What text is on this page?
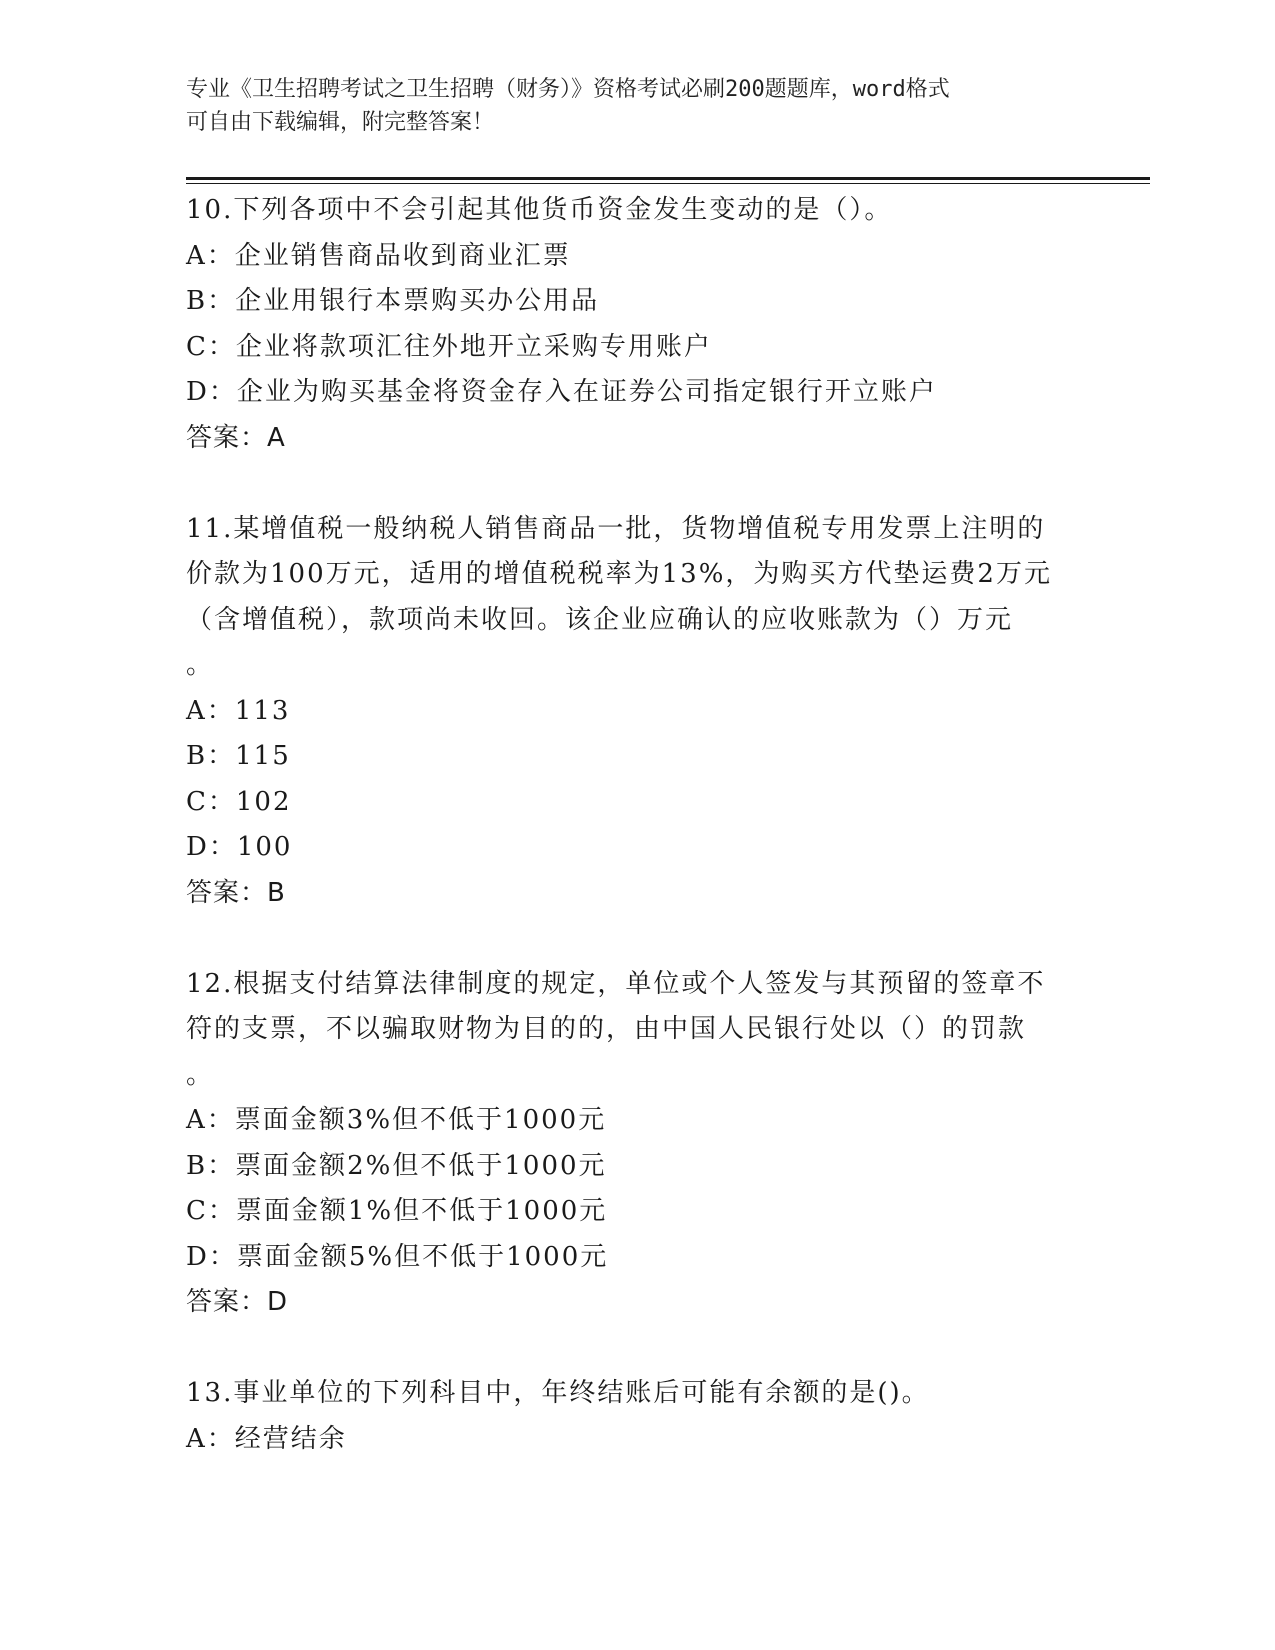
专业《卫生招聘考试之卫生招聘（财务）》资格考试必刷200题题库，word格式
可自由下载编辑，附完整答案！
10.下列各项中不会引起其他货币资金发生变动的是（）。
A：企业销售商品收到商业汇票
B：企业用银行本票购买办公用品
C：企业将款项汇往外地开立采购专用账户
D：企业为购买基金将资金存入在证券公司指定银行开立账户
答案：A
11.某增值税一般纳税人销售商品一批，货物增值税专用发票上注明的
价款为100万元，适用的增值税税率为13%，为购买方代垫运费2万元
（含增值税），款项尚未收回。该企业应确认的应收账款为（）万元
。
A：113
B：115
C：102
D：100
答案：B
12.根据支付结算法律制度的规定，单位或个人签发与其预留的签章不
符的支票，不以骗取财物为目的的，由中国人民银行处以（）的罚款
。
A：票面金额3%但不低于1000元
B：票面金额2%但不低于1000元
C：票面金额1%但不低于1000元
D：票面金额5%但不低于1000元
答案：D
13.事业单位的下列科目中，年终结账后可能有余额的是()。
A：经营结余
